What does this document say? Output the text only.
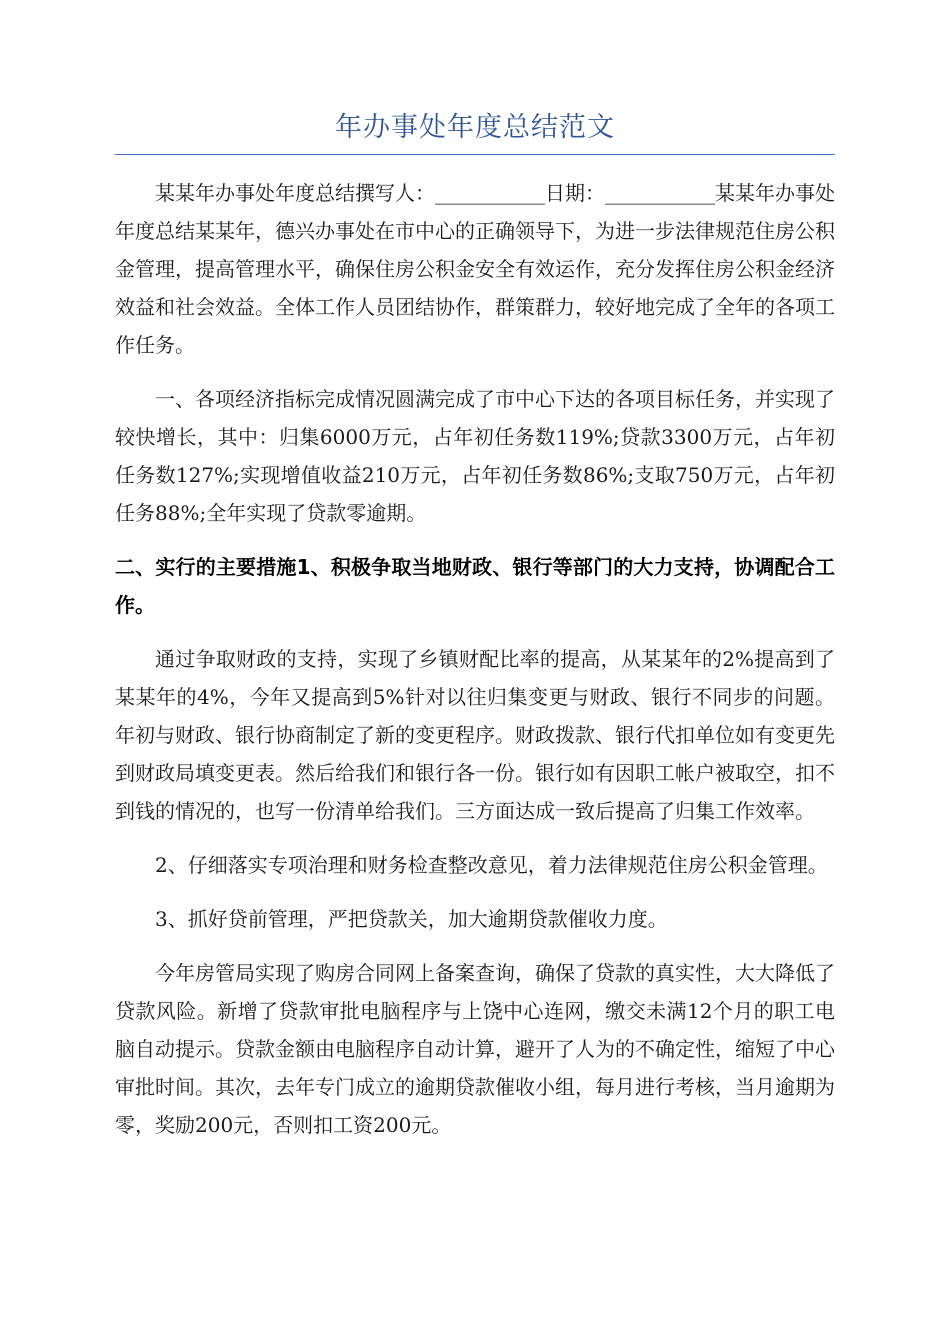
年办事处年度总结范文

某某年办事处年度总结撰写人：___________日期：___________某某年办事处年度总结某某年，德兴办事处在市中心的正确领导下，为进一步法律规范住房公积金管理，提高管理水平，确保住房公积金安全有效运作，充分发挥住房公积金经济效益和社会效益。全体工作人员团结协作，群策群力，较好地完成了全年的各项工作任务。

一、各项经济指标完成情况圆满完成了市中心下达的各项目标任务，并实现了较快增长，其中：归集6000万元，占年初任务数119%;贷款3300万元，占年初任务数127%;实现增值收益210万元，占年初任务数86%;支取750万元，占年初任务88%;全年实现了贷款零逾期。

二、实行的主要措施1、积极争取当地财政、银行等部门的大力支持，协调配合工作。

通过争取财政的支持，实现了乡镇财配比率的提高，从某某年的2%提高到了某某年的4%，今年又提高到5%针对以往归集变更与财政、银行不同步的问题。年初与财政、银行协商制定了新的变更程序。财政拨款、银行代扣单位如有变更先到财政局填变更表。然后给我们和银行各一份。银行如有因职工帐户被取空，扣不到钱的情况的，也写一份清单给我们。三方面达成一致后提高了归集工作效率。

2、仔细落实专项治理和财务检查整改意见，着力法律规范住房公积金管理。

3、抓好贷前管理，严把贷款关，加大逾期贷款催收力度。

今年房管局实现了购房合同网上备案查询，确保了贷款的真实性，大大降低了贷款风险。新增了贷款审批电脑程序与上饶中心连网，缴交未满12个月的职工电脑自动提示。贷款金额由电脑程序自动计算，避开了人为的不确定性，缩短了中心审批时间。其次，去年专门成立的逾期贷款催收小组，每月进行考核，当月逾期为零，奖励200元，否则扣工资200元。
